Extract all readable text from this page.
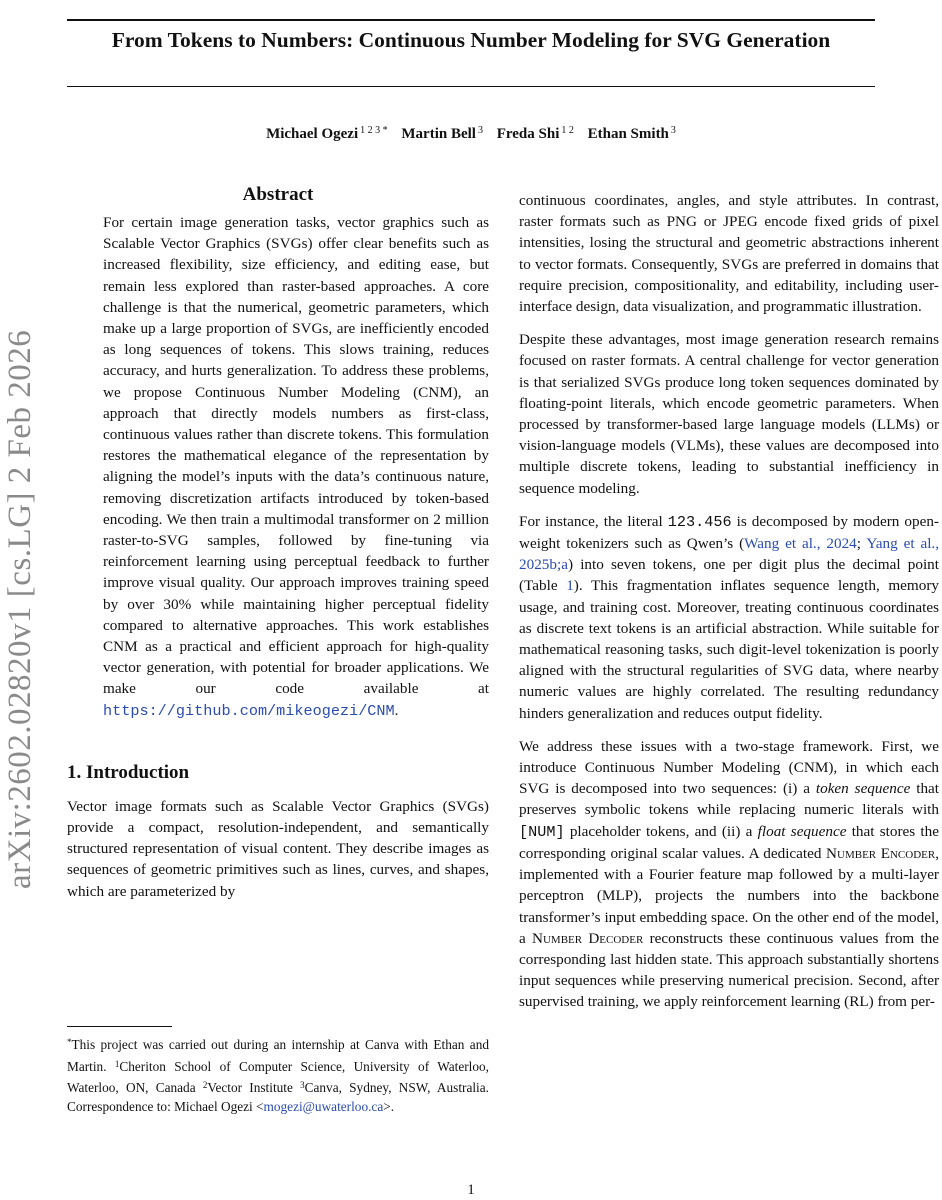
From Tokens to Numbers: Continuous Number Modeling for SVG Generation
Michael Ogezi $^{1 2 3 *}$ Martin Bell $^3$ Freda Shi $^{1 2}$ Ethan Smith $^3$
arXiv:2602.02820v1 [cs.LG] 2 Feb 2026
Abstract

For certain image generation tasks, vector graphics such as Scalable Vector Graphics (SVGs) offer clear benefits such as increased flexibility, size efficiency, and editing ease, but remain less explored than raster-based approaches. A core challenge is that the numerical, geometric parameters, which make up a large proportion of SVGs, are inefficiently encoded as long sequences of tokens. This slows training, reduces accuracy, and hurts generalization. To address these problems, we propose Continuous Number Modeling (CNM), an approach that directly models numbers as first-class, continuous values rather than discrete tokens. This formulation restores the mathematical elegance of the representation by aligning the model’s inputs with the data’s continuous nature, removing discretization artifacts introduced by token-based encoding. We then train a multimodal transformer on 2 million raster-to-SVG samples, followed by fine-tuning via reinforcement learning using perceptual feedback to further improve visual quality. Our approach improves training speed by over 30% while maintaining higher perceptual fidelity compared to alternative approaches. This work establishes CNM as a practical and efficient approach for high-quality vector generation, with potential for broader applications. We make our code available at https://github.com/mikeogezi/CNM.

1. Introduction

Vector image formats such as Scalable Vector Graphics (SVGs) provide a compact, resolution-independent, and semantically structured representation of visual content. They describe images as sequences of geometric primitives such as lines, curves, and shapes, which are parameterized by

continuous coordinates, angles, and style attributes. In contrast, raster formats such as PNG or JPEG encode fixed grids of pixel intensities, losing the structural and geometric abstractions inherent to vector formats. Consequently, SVGs are preferred in domains that require precision, compositionality, and editability, including user-interface design, data visualization, and programmatic illustration.

Despite these advantages, most image generation research remains focused on raster formats. A central challenge for vector generation is that serialized SVGs produce long token sequences dominated by floating-point literals, which encode geometric parameters. When processed by transformer-based large language models (LLMs) or vision-language models (VLMs), these values are decomposed into multiple discrete tokens, leading to substantial inefficiency in sequence modeling.

For instance, the literal 123.456 is decomposed by modern open-weight tokenizers such as Qwen’s (Wang et al., 2024; Yang et al., 2025b;a) into seven tokens, one per digit plus the decimal point (Table 1). This fragmentation inflates sequence length, memory usage, and training cost. Moreover, treating continuous coordinates as discrete text tokens is an artificial abstraction. While suitable for mathematical reasoning tasks, such digit-level tokenization is poorly aligned with the structural regularities of SVG data, where nearby numeric values are highly correlated. The resulting redundancy hinders generalization and reduces output fidelity.

We address these issues with a two-stage framework. First, we introduce Continuous Number Modeling (CNM), in which each SVG is decomposed into two sequences: (i) a token sequence that preserves symbolic tokens while replacing numeric literals with [NUM] placeholder tokens, and (ii) a float sequence that stores the corresponding original scalar values. A dedicated Number Encoder, implemented with a Fourier feature map followed by a multi-layer perceptron (MLP), projects the numbers into the backbone transformer’s input embedding space. On the other end of the model, a Number Decoder reconstructs these continuous values from the corresponding last hidden state. This approach substantially shortens input sequences while preserving numerical precision. Second, after supervised training, we apply reinforcement learning (RL) from per-

*This project was carried out during an internship at Canva with Ethan and Martin. $^1$Cheriton School of Computer Science, University of Waterloo, Waterloo, ON, Canada $^2$Vector Institute $^3$Canva, Sydney, NSW, Australia. Correspondence to: Michael Ogezi <mogezi@uwaterloo.ca>.

1
